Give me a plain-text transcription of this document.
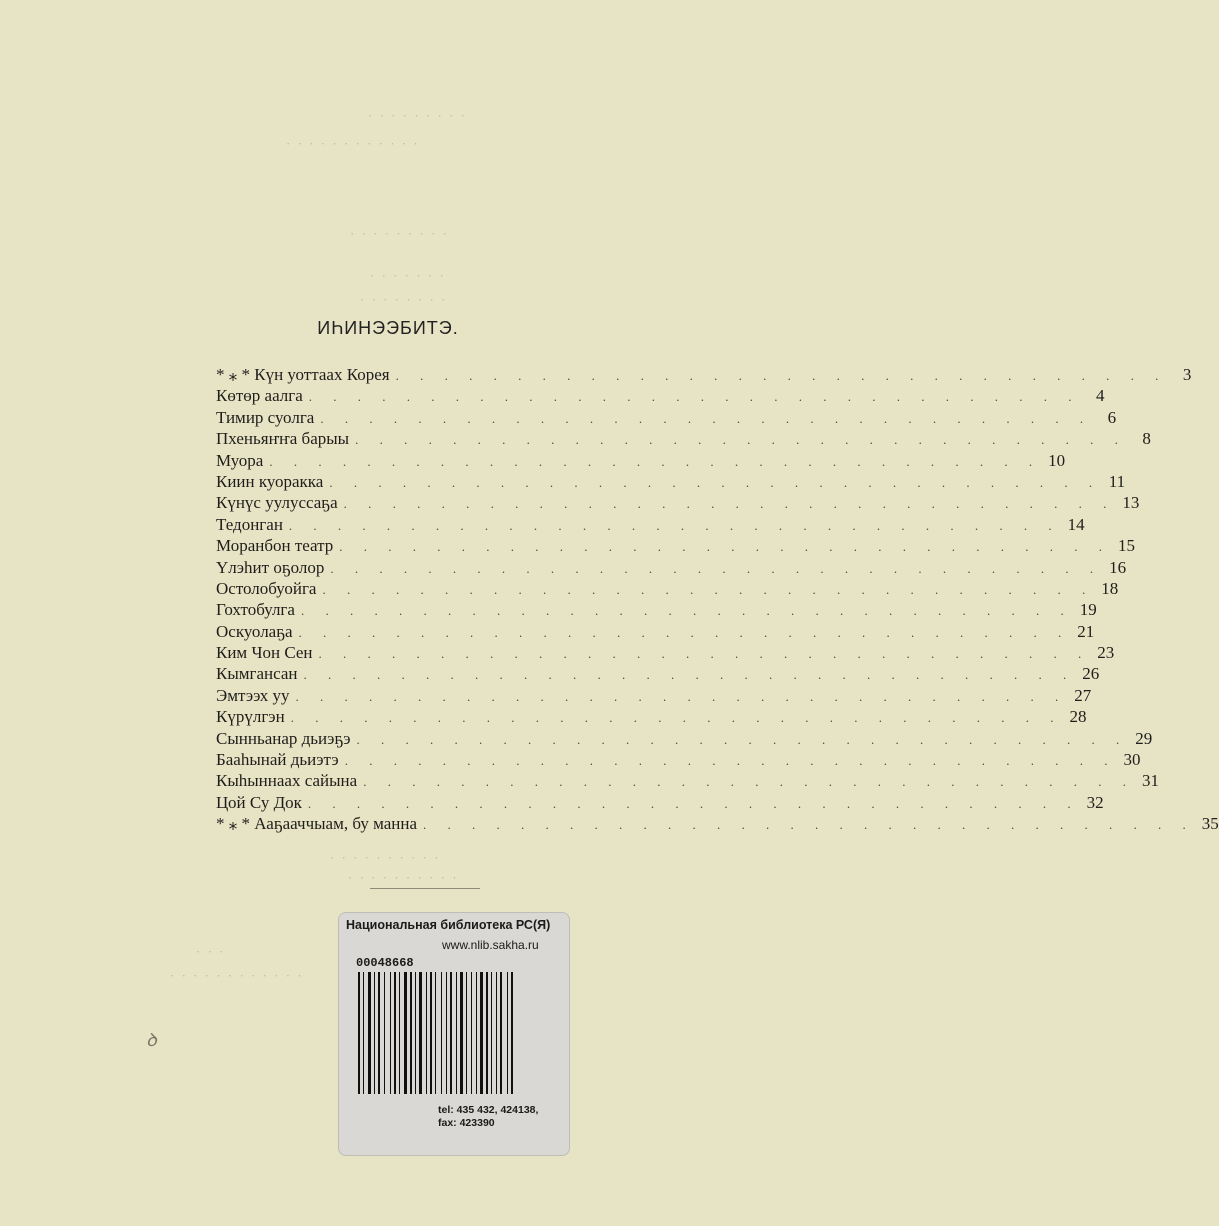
· · · · · · · · ·
· · · · · · · · · · · ·
· · · · · · · · ·
· · · · · · ·
· · · · · · · ·
· · · · · · · · · ·
· · · · · · · · · ·
· · ·
· · · · · · · · · · · ·
ИҺИНЭЭБИТЭ.
* ⁎ * Күн уоттаах Корея . . . . . . . . . . . . . . . . . . . . . . . . . . . . . . . . 3
Көтөр аалга . . . . . . . . . . . . . . . . . . . . . . . . . . . . . . . . 4
Тимир суолга . . . . . . . . . . . . . . . . . . . . . . . . . . . . . . . . 6
Пхеньяҥҥа барыы . . . . . . . . . . . . . . . . . . . . . . . . . . . . . . . . 8
Муора . . . . . . . . . . . . . . . . . . . . . . . . . . . . . . . . 10
Киин куоракка . . . . . . . . . . . . . . . . . . . . . . . . . . . . . . . . 11
Күнүс уулуссаҕа . . . . . . . . . . . . . . . . . . . . . . . . . . . . . . . . 13
Тедонган . . . . . . . . . . . . . . . . . . . . . . . . . . . . . . . . 14
Моранбон театр . . . . . . . . . . . . . . . . . . . . . . . . . . . . . . . . 15
Үлэһит оҕолор . . . . . . . . . . . . . . . . . . . . . . . . . . . . . . . . 16
Остолобуойга . . . . . . . . . . . . . . . . . . . . . . . . . . . . . . . . 18
Гохтобулга . . . . . . . . . . . . . . . . . . . . . . . . . . . . . . . . 19
Оскуолаҕа . . . . . . . . . . . . . . . . . . . . . . . . . . . . . . . . 21
Ким Чон Сен . . . . . . . . . . . . . . . . . . . . . . . . . . . . . . . . 23
Кымгансан . . . . . . . . . . . . . . . . . . . . . . . . . . . . . . . . 26
Эмтээх уу . . . . . . . . . . . . . . . . . . . . . . . . . . . . . . . . 27
Күрүлгэн . . . . . . . . . . . . . . . . . . . . . . . . . . . . . . . . 28
Сынньанар дьиэҕэ . . . . . . . . . . . . . . . . . . . . . . . . . . . . . . . . 29
Бааһынай дьиэтэ . . . . . . . . . . . . . . . . . . . . . . . . . . . . . . . . 30
Кыһыннаах сайына . . . . . . . . . . . . . . . . . . . . . . . . . . . . . . . . 31
Цой Су Док . . . . . . . . . . . . . . . . . . . . . . . . . . . . . . . . 32
* ⁎ * Ааҕааччыам, бу манна . . . . . . . . . . . . . . . . . . . . . . . . . . . . . . . . 35
ꝺ
Национальная библиотека РС(Я)
www.nlib.sakha.ru
00048668
tel: 435 432, 424138,
fax: 423390
